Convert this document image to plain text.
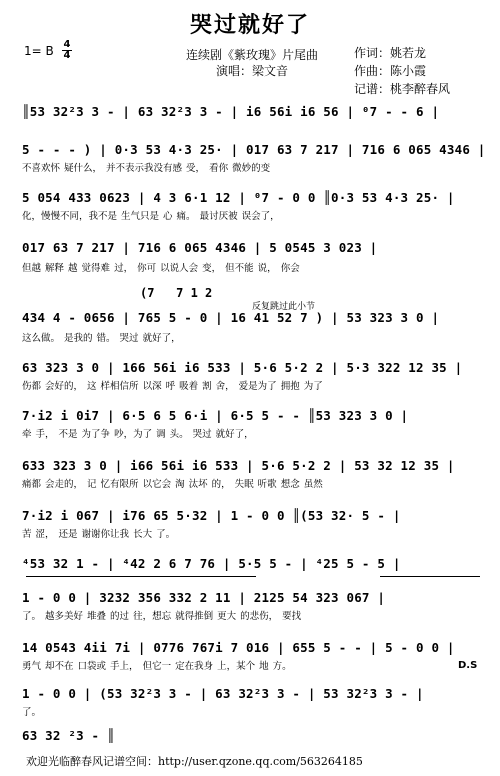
哭过就好了
连续剧《紫玫瑰》片尾曲	作词：姚若龙
演唱：梁文音	作曲：陈小霞
记谱：桃李醉春风
1= B 4
4
║53 32²3 3 - | 63 32²3 3 - | i6 56i i6 56 | ⁰7 - - 6 |
5 - - - ) | 0·3 53 4·3 25· | 017 63 7 217 | 716 6 065 4346 |
不喜欢怀 疑什么， 并不表示我没有感 受， 看你 微妙的变
5 054 433 0623 | 4 3 6·1 12 | ⁰7 - 0 0 ║0·3 53 4·3 25· |
化，慢慢不同，我不是 生气只是 心 痛。 最讨厌被 误会了，
017 63 7 217 | 716 6 065 4346 | 5 0545 3 023 |
但越 解释 越 觉得难 过， 你可 以说人会 变， 但不能 说， 你会
(7   7 1 2
反复跳过此小节
434 4 - 0656 | 765 5 - 0 | 16 41 52 7 ) | 53 323 3 0 |
这么做。 是我的 错。 哭过 就好了，
63 323 3 0 | 166 56i i6 533 | 5·6 5·2 2 | 5·3 322 12 35 |
伤都 会好的， 这 样相信所 以深 呼 吸着 割 舍， 爱是为了 拥抱 为了
7·i2 i 0i7 | 6·5 6 5 6·i | 6·5 5 - - ║53 323 3 0 |
牵 手， 不是 为了争 吵，为了 调 头。 哭过 就好了，
633 323 3 0 | i66 56i i6 533 | 5·6 5·2 2 | 53 32 12 35 |
痛都 会走的， 记 忆有限所 以它会 淘 汰坏 的， 失眠 听歌 想念 虽然
7·i2 i 067 | i76 65 5·32 | 1 - 0 0 ║(53 32· 5 - |
苦 涩， 还是 谢谢你让我 长大 了。
⁴53 32 1 - | ⁴42 2 6 7 76 | 5·5 5 - | ⁴25 5 - 5 |
1 - 0 0 | 3232 356 332 2 11 | 2125 54 323 067 |
了。 越多美好 堆叠 的过 往，想忘 就得推倒 更大 的悲伤， 要找
14 0543 4ii 7i | 0776 767i 7 016 | 655 5 - - | 5 - 0 0 |
勇气 却不在 口袋或 手上， 但它一 定在我身 上，某个 地 方。	D.S
1 - 0 0 | (53 32²3 3 - | 63 32²3 3 - | 53 32²3 3 - |
了。
63 32 ²3 - ║
欢迎光临醉春风记谱空间：http://user.qzone.qq.com/563264185
